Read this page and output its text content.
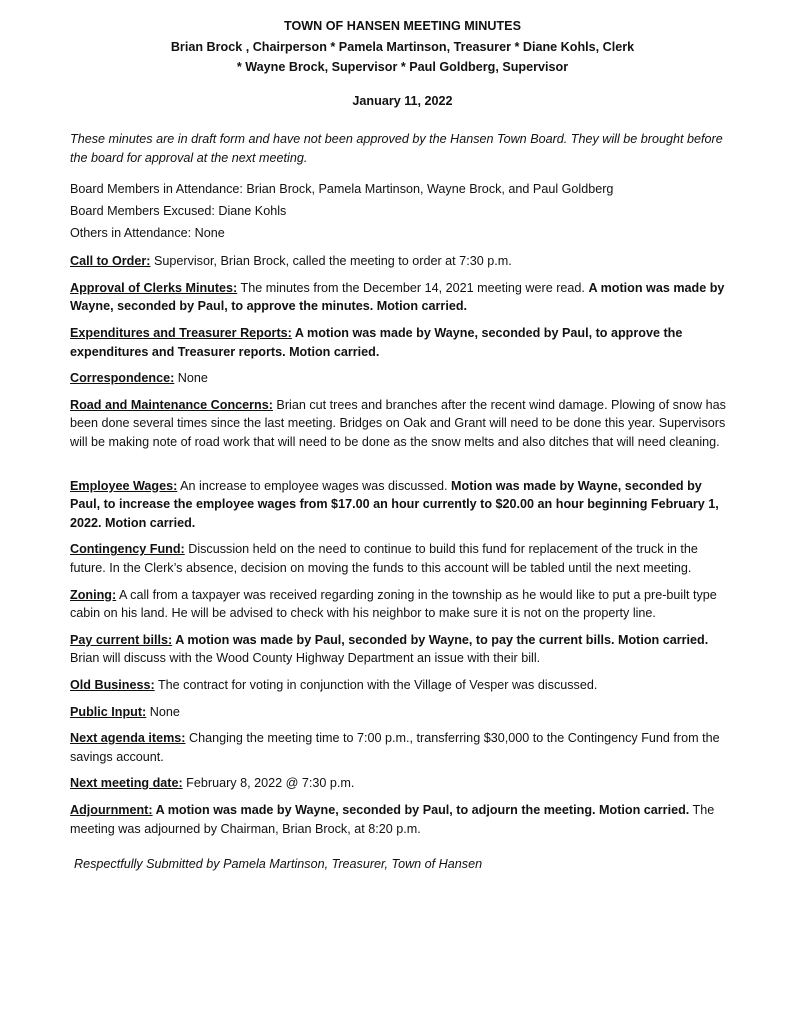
TOWN OF HANSEN MEETING MINUTES
Brian Brock , Chairperson * Pamela Martinson, Treasurer * Diane Kohls, Clerk
* Wayne Brock, Supervisor * Paul Goldberg, Supervisor
January 11, 2022
These minutes are in draft form and have not been approved by the Hansen Town Board. They will be brought before the board for approval at the next meeting.
Board Members in Attendance: Brian Brock, Pamela Martinson, Wayne Brock, and Paul Goldberg
Board Members Excused: Diane Kohls
Others in Attendance: None
Call to Order: Supervisor, Brian Brock, called the meeting to order at 7:30 p.m.
Approval of Clerks Minutes: The minutes from the December 14, 2021 meeting were read. A motion was made by Wayne, seconded by Paul, to approve the minutes. Motion carried.
Expenditures and Treasurer Reports: A motion was made by Wayne, seconded by Paul, to approve the expenditures and Treasurer reports. Motion carried.
Correspondence: None
Road and Maintenance Concerns: Brian cut trees and branches after the recent wind damage. Plowing of snow has been done several times since the last meeting. Bridges on Oak and Grant will need to be done this year. Supervisors will be making note of road work that will need to be done as the snow melts and also ditches that will need cleaning.
Employee Wages: An increase to employee wages was discussed. Motion was made by Wayne, seconded by Paul, to increase the employee wages from $17.00 an hour currently to $20.00 an hour beginning February 1, 2022. Motion carried.
Contingency Fund: Discussion held on the need to continue to build this fund for replacement of the truck in the future. In the Clerk’s absence, decision on moving the funds to this account will be tabled until the next meeting.
Zoning: A call from a taxpayer was received regarding zoning in the township as he would like to put a pre-built type cabin on his land. He will be advised to check with his neighbor to make sure it is not on the property line.
Pay current bills: A motion was made by Paul, seconded by Wayne, to pay the current bills. Motion carried. Brian will discuss with the Wood County Highway Department an issue with their bill.
Old Business: The contract for voting in conjunction with the Village of Vesper was discussed.
Public Input: None
Next agenda items: Changing the meeting time to 7:00 p.m., transferring $30,000 to the Contingency Fund from the savings account.
Next meeting date: February 8, 2022 @ 7:30 p.m.
Adjournment: A motion was made by Wayne, seconded by Paul, to adjourn the meeting. Motion carried. The meeting was adjourned by Chairman, Brian Brock, at 8:20 p.m.
Respectfully Submitted by Pamela Martinson, Treasurer, Town of Hansen
